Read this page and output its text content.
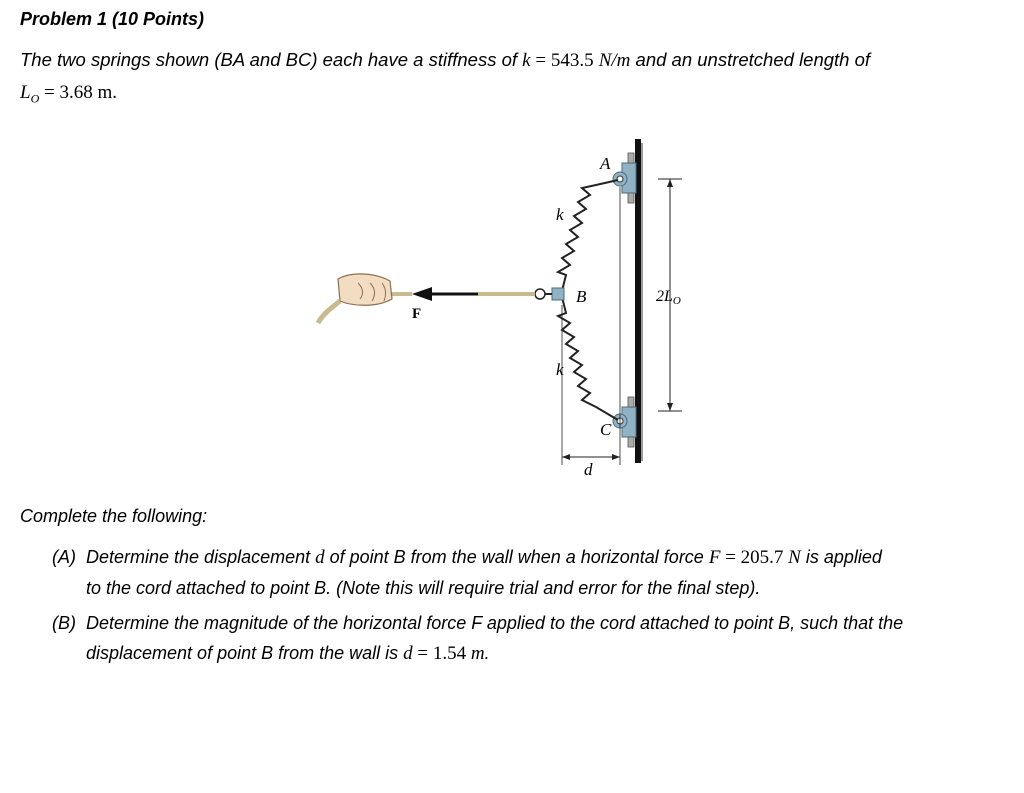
Problem 1 (10 Points)
The two springs shown (BA and BC) each have a stiffness of k = 543.5 N/m and an unstretched length of
$L_O = 3.68$ m.
A
B
C
k
k
F
d
2LO
Complete the following:
(A) Determine the displacement d of point B from the wall when a horizontal force F = 205.7 N is applied
to the cord attached to point B. (Note this will require trial and error for the final step).
(B) Determine the magnitude of the horizontal force F applied to the cord attached to point B, such that the
displacement of point B from the wall is d = 1.54 m.
